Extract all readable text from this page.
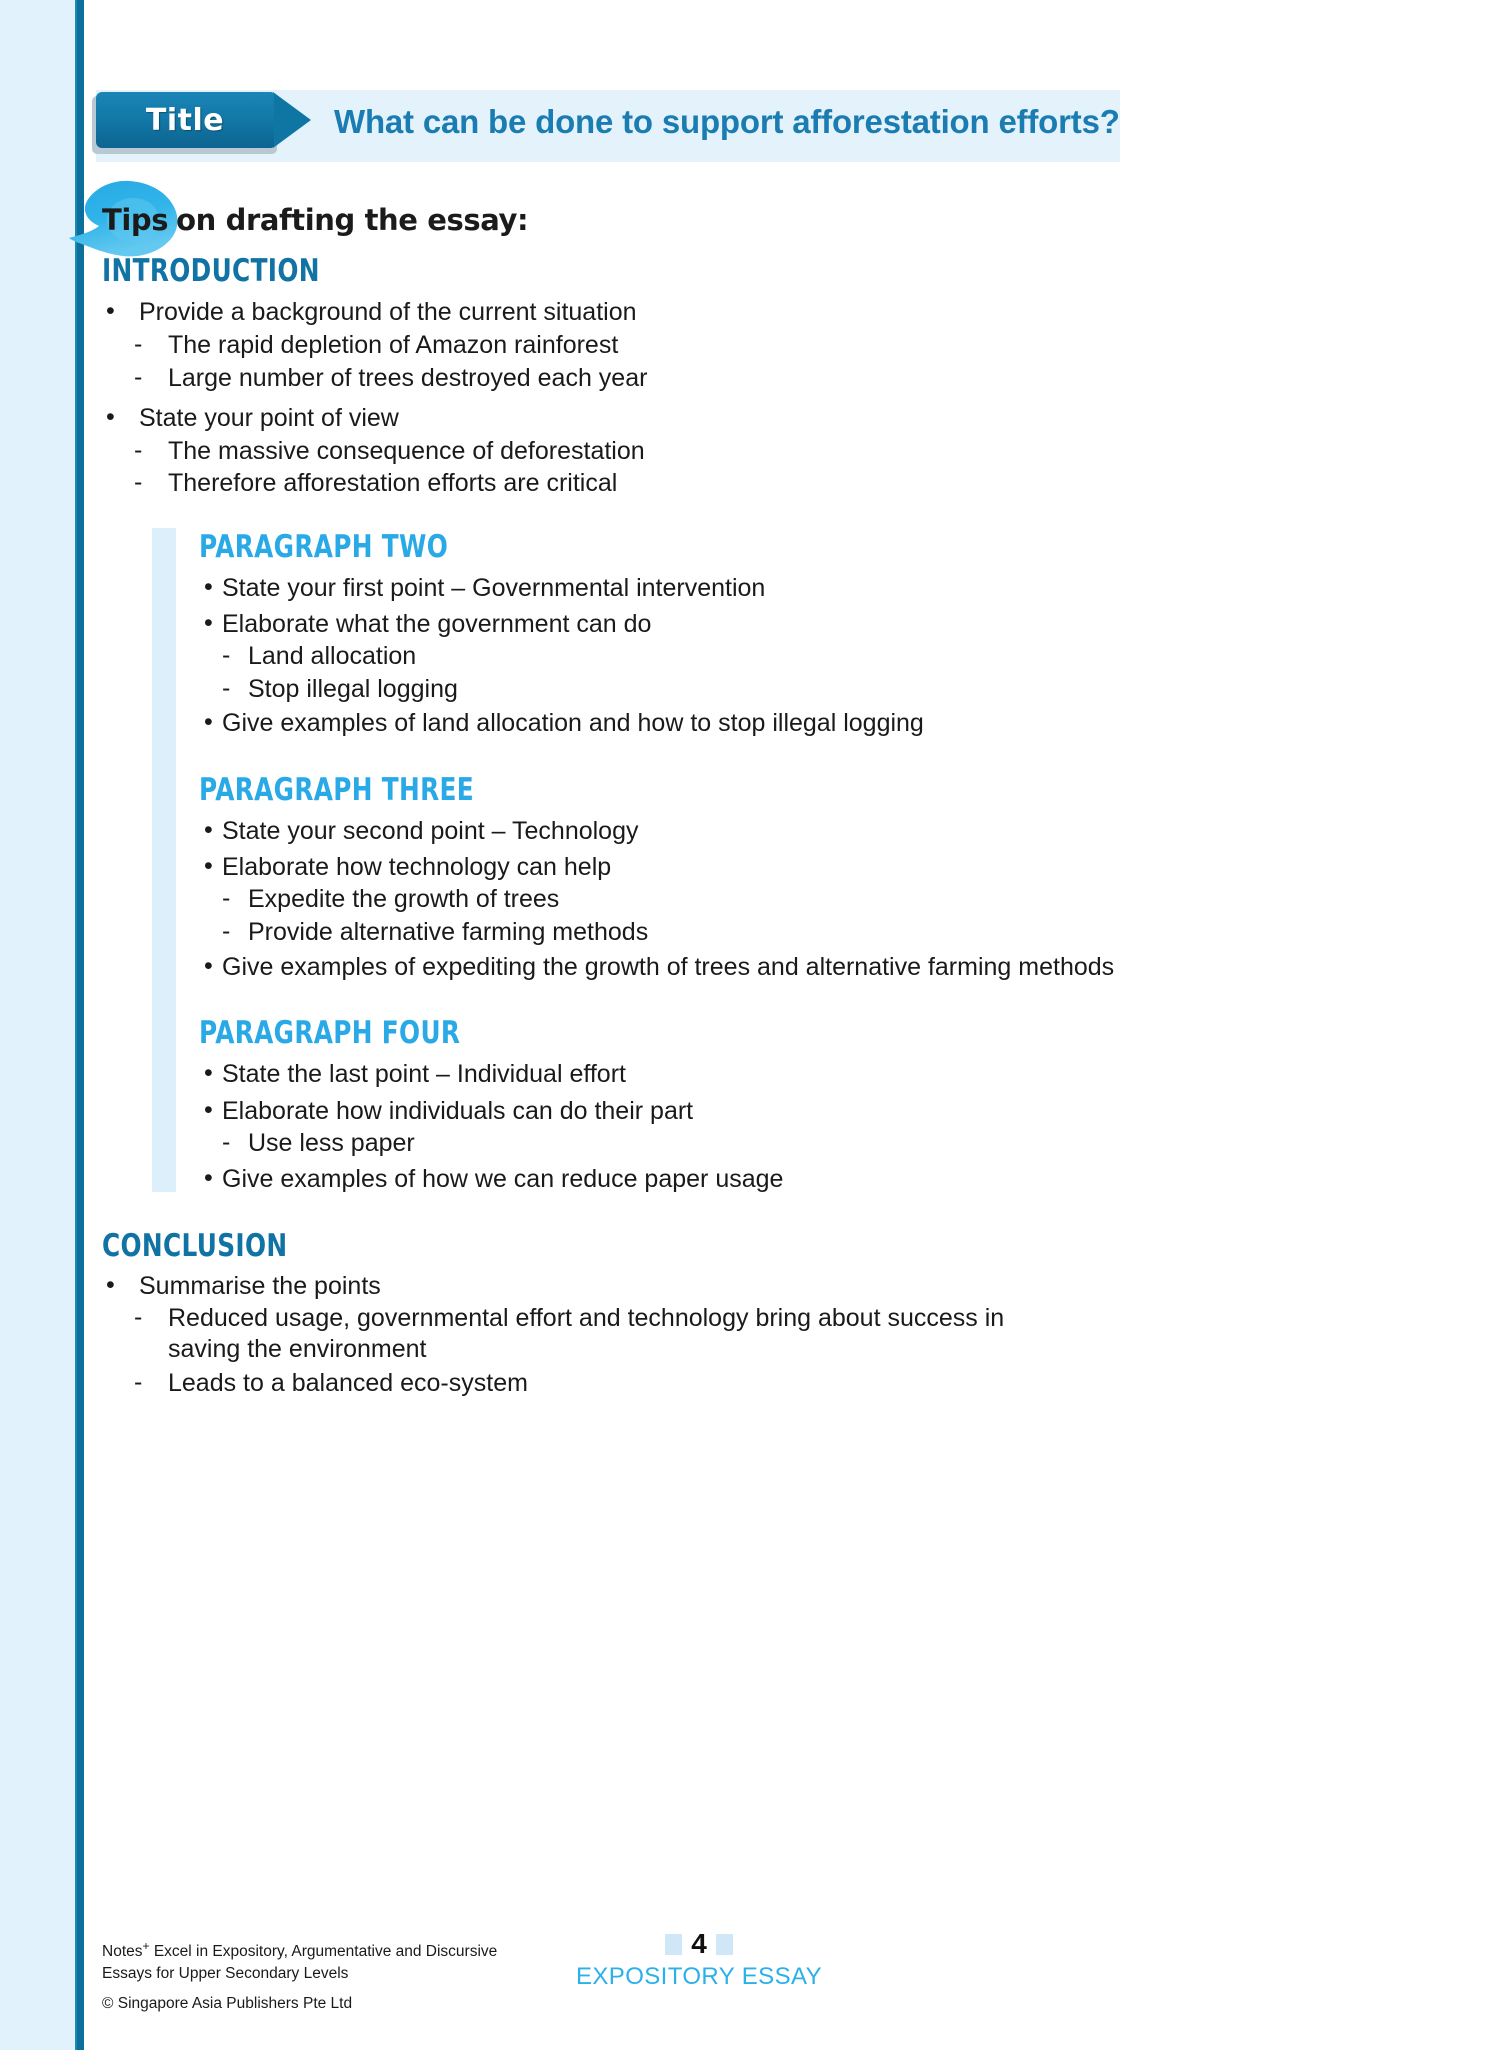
Title	What can be done to support afforestation efforts?
Tips on drafting the essay:
INTRODUCTION
• Provide a background of the current situation
- The rapid depletion of Amazon rainforest
- Large number of trees destroyed each year
• State your point of view
- The massive consequence of deforestation
- Therefore afforestation efforts are critical
PARAGRAPH TWO
• State your first point – Governmental intervention
• Elaborate what the government can do
- Land allocation
- Stop illegal logging
• Give examples of land allocation and how to stop illegal logging
PARAGRAPH THREE
• State your second point – Technology
• Elaborate how technology can help
- Expedite the growth of trees
- Provide alternative farming methods
• Give examples of expediting the growth of trees and alternative farming methods
PARAGRAPH FOUR
• State the last point – Individual effort
• Elaborate how individuals can do their part
- Use less paper
• Give examples of how we can reduce paper usage
CONCLUSION
• Summarise the points
- Reduced usage, governmental effort and technology bring about success in saving the environment
- Leads to a balanced eco-system
Notes+ Excel in Expository, Argumentative and Discursive
Essays for Upper Secondary Levels
© Singapore Asia Publishers Pte Ltd
4
EXPOSITORY ESSAY
